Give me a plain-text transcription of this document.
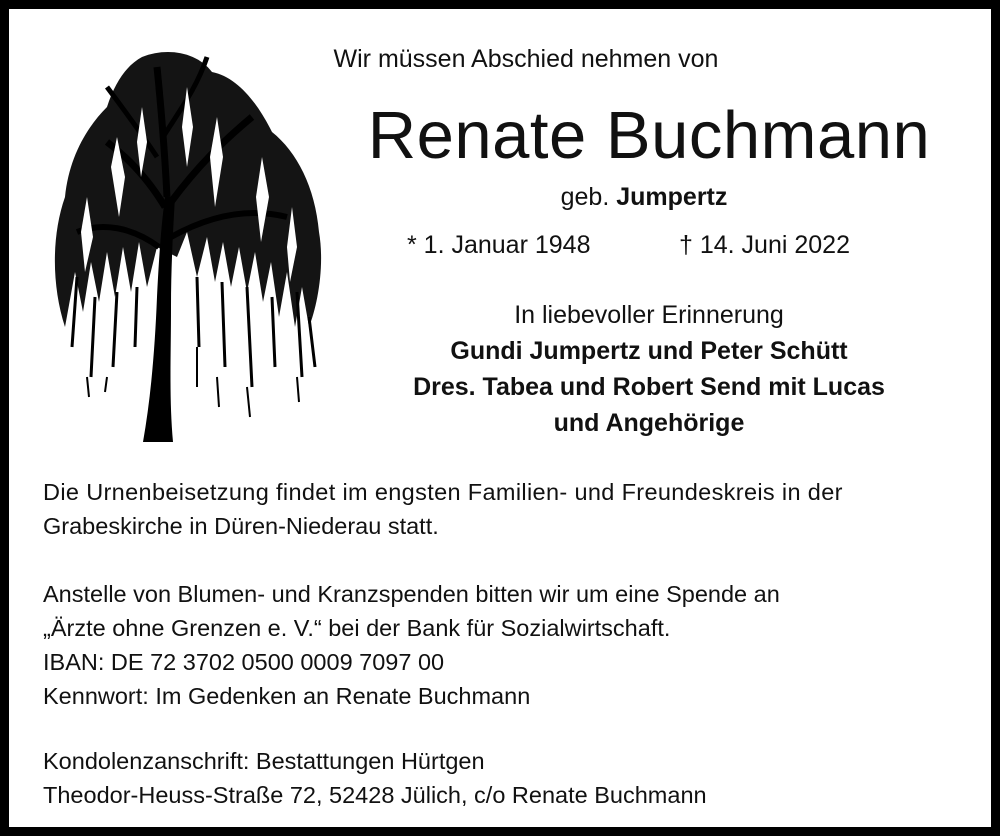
Wir müssen Abschied nehmen von
Renate Buchmann
geb. Jumpertz
* 1. Januar 1948	† 14. Juni 2022
In liebevoller Erinnerung
Gundi Jumpertz und Peter Schütt
Dres. Tabea und Robert Send mit Lucas
und Angehörige
Die Urnenbeisetzung findet im engsten Familien- und Freundeskreis in der
Grabeskirche in Düren-Niederau statt.
Anstelle von Blumen- und Kranzspenden bitten wir um eine Spende an
„Ärzte ohne Grenzen e. V.“ bei der Bank für Sozialwirtschaft.
IBAN: DE 72 3702 0500 0009 7097 00
Kennwort: Im Gedenken an Renate Buchmann
Kondolenzanschrift: Bestattungen Hürtgen
Theodor-Heuss-Straße 72, 52428 Jülich, c/o Renate Buchmann
